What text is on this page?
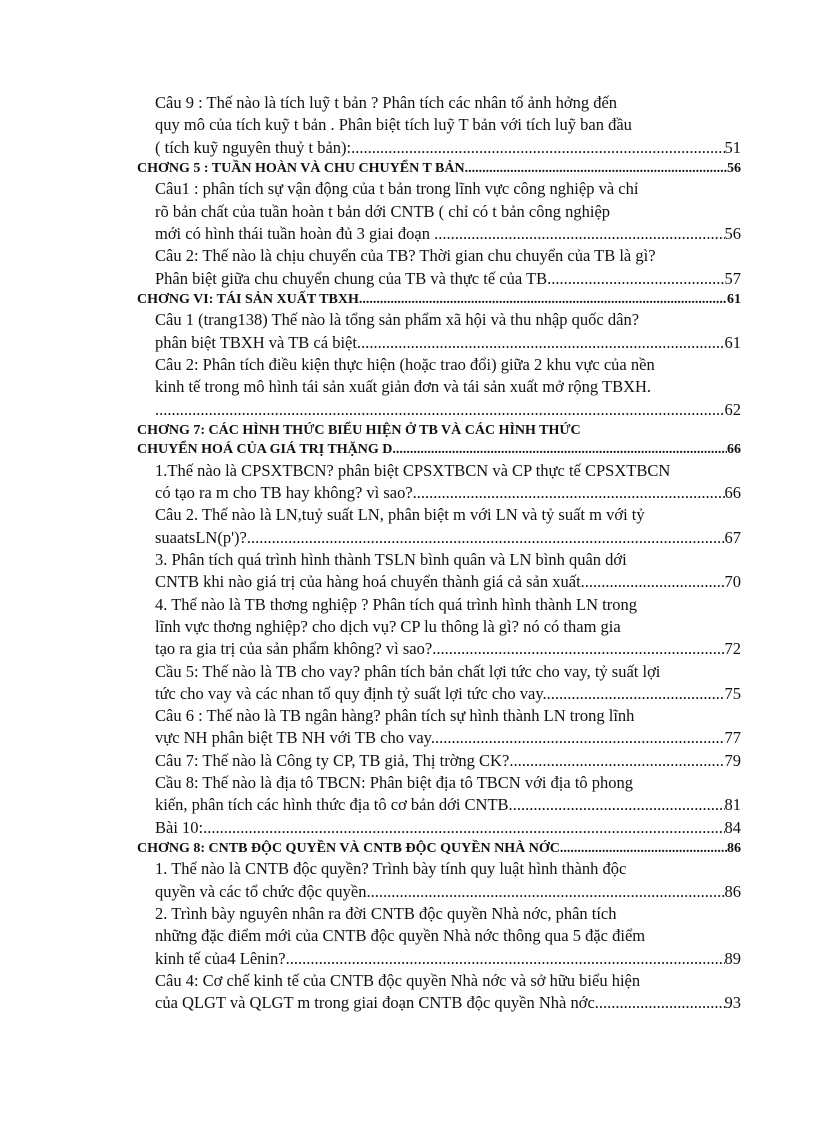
Câu 9 : Thế nào là tích luỹ t bản ? Phân tích các nhân tố ảnh hởng đến
quy mô của tích kuỹ t bản . Phân biệt tích luỹ T bản với tích luỹ ban đầu
( tích kuỹ nguyên thuỷ t bản): .....	51
CHƠNG 5 : TUẦN HOÀN VÀ CHU CHUYỂN T BẢN .....	56
Câu1 : phân tích sự vận động của t bản trong lĩnh vực công nghiệp và chỉ
rõ bản chất của tuần hoàn t bản dới CNTB ( chỉ có t bản công nghiệp
mới có hình thái tuần hoàn đủ 3 giai đoạn . .....	56
Câu 2: Thế nào là chịu chuyển của TB? Thời gian chu chuyển của TB là gì?
Phân biệt giữa chu chuyển chung của TB và thực tế của TB. .....	57
CHƠNG VI: TÁI SẢN XUẤT TBXH .....	61
Câu 1 (trang138) Thế nào là tổng sản phẩm xã hội và thu nhập quốc dân?
phân biệt TBXH và TB cá biệt. .....	61
Câu 2: Phân tích điều kiện thực hiện (hoặc trao đổi) giữa 2 khu vực của nền
kinh tế trong mô hình tái sản xuất giản đơn và tái sản xuất mở rộng TBXH.
.....
62
CHƠNG 7: CÁC HÌNH THỨC BIỂU HIỆN Ở TB VÀ CÁC HÌNH THỨC
CHUYỂN HOÁ CỦA GIÁ TRỊ THẶNG D .....	66
1.Thế nào là CPSXTBCN? phân biệt CPSXTBCN và CP thực tế CPSXTBCN
có tạo ra m cho TB hay không? vì sao? .....	66
Câu 2. Thế nào là LN,tuỷ suất LN, phân biệt m với LN và tỷ suất m với tỷ
suaatsLN(p')? .....	67
3. Phân tích quá trình hình thành TSLN bình quân và LN bình quân dới
CNTB khi nào giá trị của hàng hoá chuyển thành giá cả sản xuất .....	70
4. Thế nào là TB thơng nghiệp ? Phân tích quá trình hình thành LN trong
lĩnh vực thơng nghiệp? cho dịch vụ? CP lu thông là gì? nó có tham gia
tạo ra gia trị của sản phẩm không? vì sao? .....	72
Cầu 5: Thế nào là TB cho vay? phân tích bản chất lợi tức cho vay, tỷ suất lợi
tức cho vay và các nhan tố quy định tỷ suất lợi tức cho vay. .....	75
Câu 6 : Thế nào là TB ngân hàng? phân tích sự hình thành LN trong lĩnh
vực NH phân biệt TB NH với TB cho vay. .....	77
Câu 7: Thế nào là Công ty CP, TB giả, Thị trờng CK? .....	79
Cầu 8: Thế nào là địa tô TBCN: Phân biệt địa tô TBCN với địa tô phong
kiến, phân tích các hình thức địa tô cơ bản dới CNTB. .....	81
Bài 10: .....	84
CHƠNG 8: CNTB ĐỘC QUYỀN VÀ CNTB ĐỘC QUYỀN NHÀ NỚC .....	86
1. Thế nào là CNTB độc quyền? Trình bày tính quy luật hình thành độc
quyền và các tổ chức độc quyền. .....	86
2. Trình bày nguyên nhân ra đời CNTB độc quyền Nhà nớc, phân tích
những đặc điểm mới của CNTB độc quyền Nhà nớc thông qua 5 đặc điểm
kinh tế của4 Lênin? .....	89
Câu 4: Cơ chế kinh tế của CNTB độc quyền Nhà nớc và sở hữu biểu hiện
của QLGT và QLGT m trong giai đoạn CNTB độc quyền Nhà nớc .....	93
